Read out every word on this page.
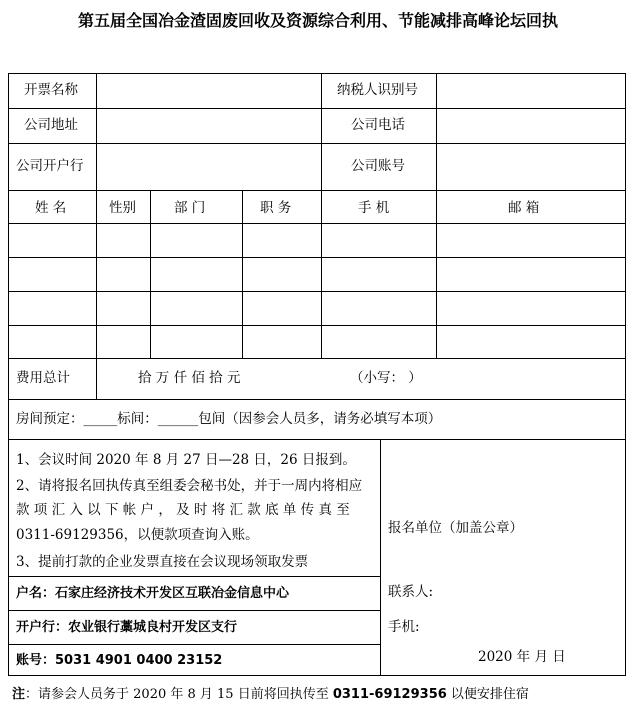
第五届全国冶金渣固废回收及资源综合利用、节能减排高峰论坛回执
开票名称	纳税人识别号
公司地址	公司电话
公司开户行	公司账号
姓 名	性别	部 门	职 务	手 机	邮 箱
费用总计	拾 万 仟 佰 拾 元	（小写： ）
房间预定：_____标间：______包间（因参会人员多，请务必填写本项）
1、会议时间 2020 年 8 月 27 日—28 日，26 日报到。
2、请将报名回执传真至组委会秘书处，并于一周内将相应
款 项 汇 入 以 下 帐 户 ， 及 时 将 汇 款 底 单 传 真 至
0311-69129356，以便款项查询入账。
3、提前打款的企业发票直接在会议现场领取发票
户名：石家庄经济技术开发区互联冶金信息中心
开户行：农业银行藁城良村开发区支行
账号：5031 4901 0400 23152
报名单位（加盖公章）
联系人:
手机:
2020 年 月 日
注：请参会人员务于 2020 年 8 月 15 日前将回执传至 0311-69129356 以便安排住宿
